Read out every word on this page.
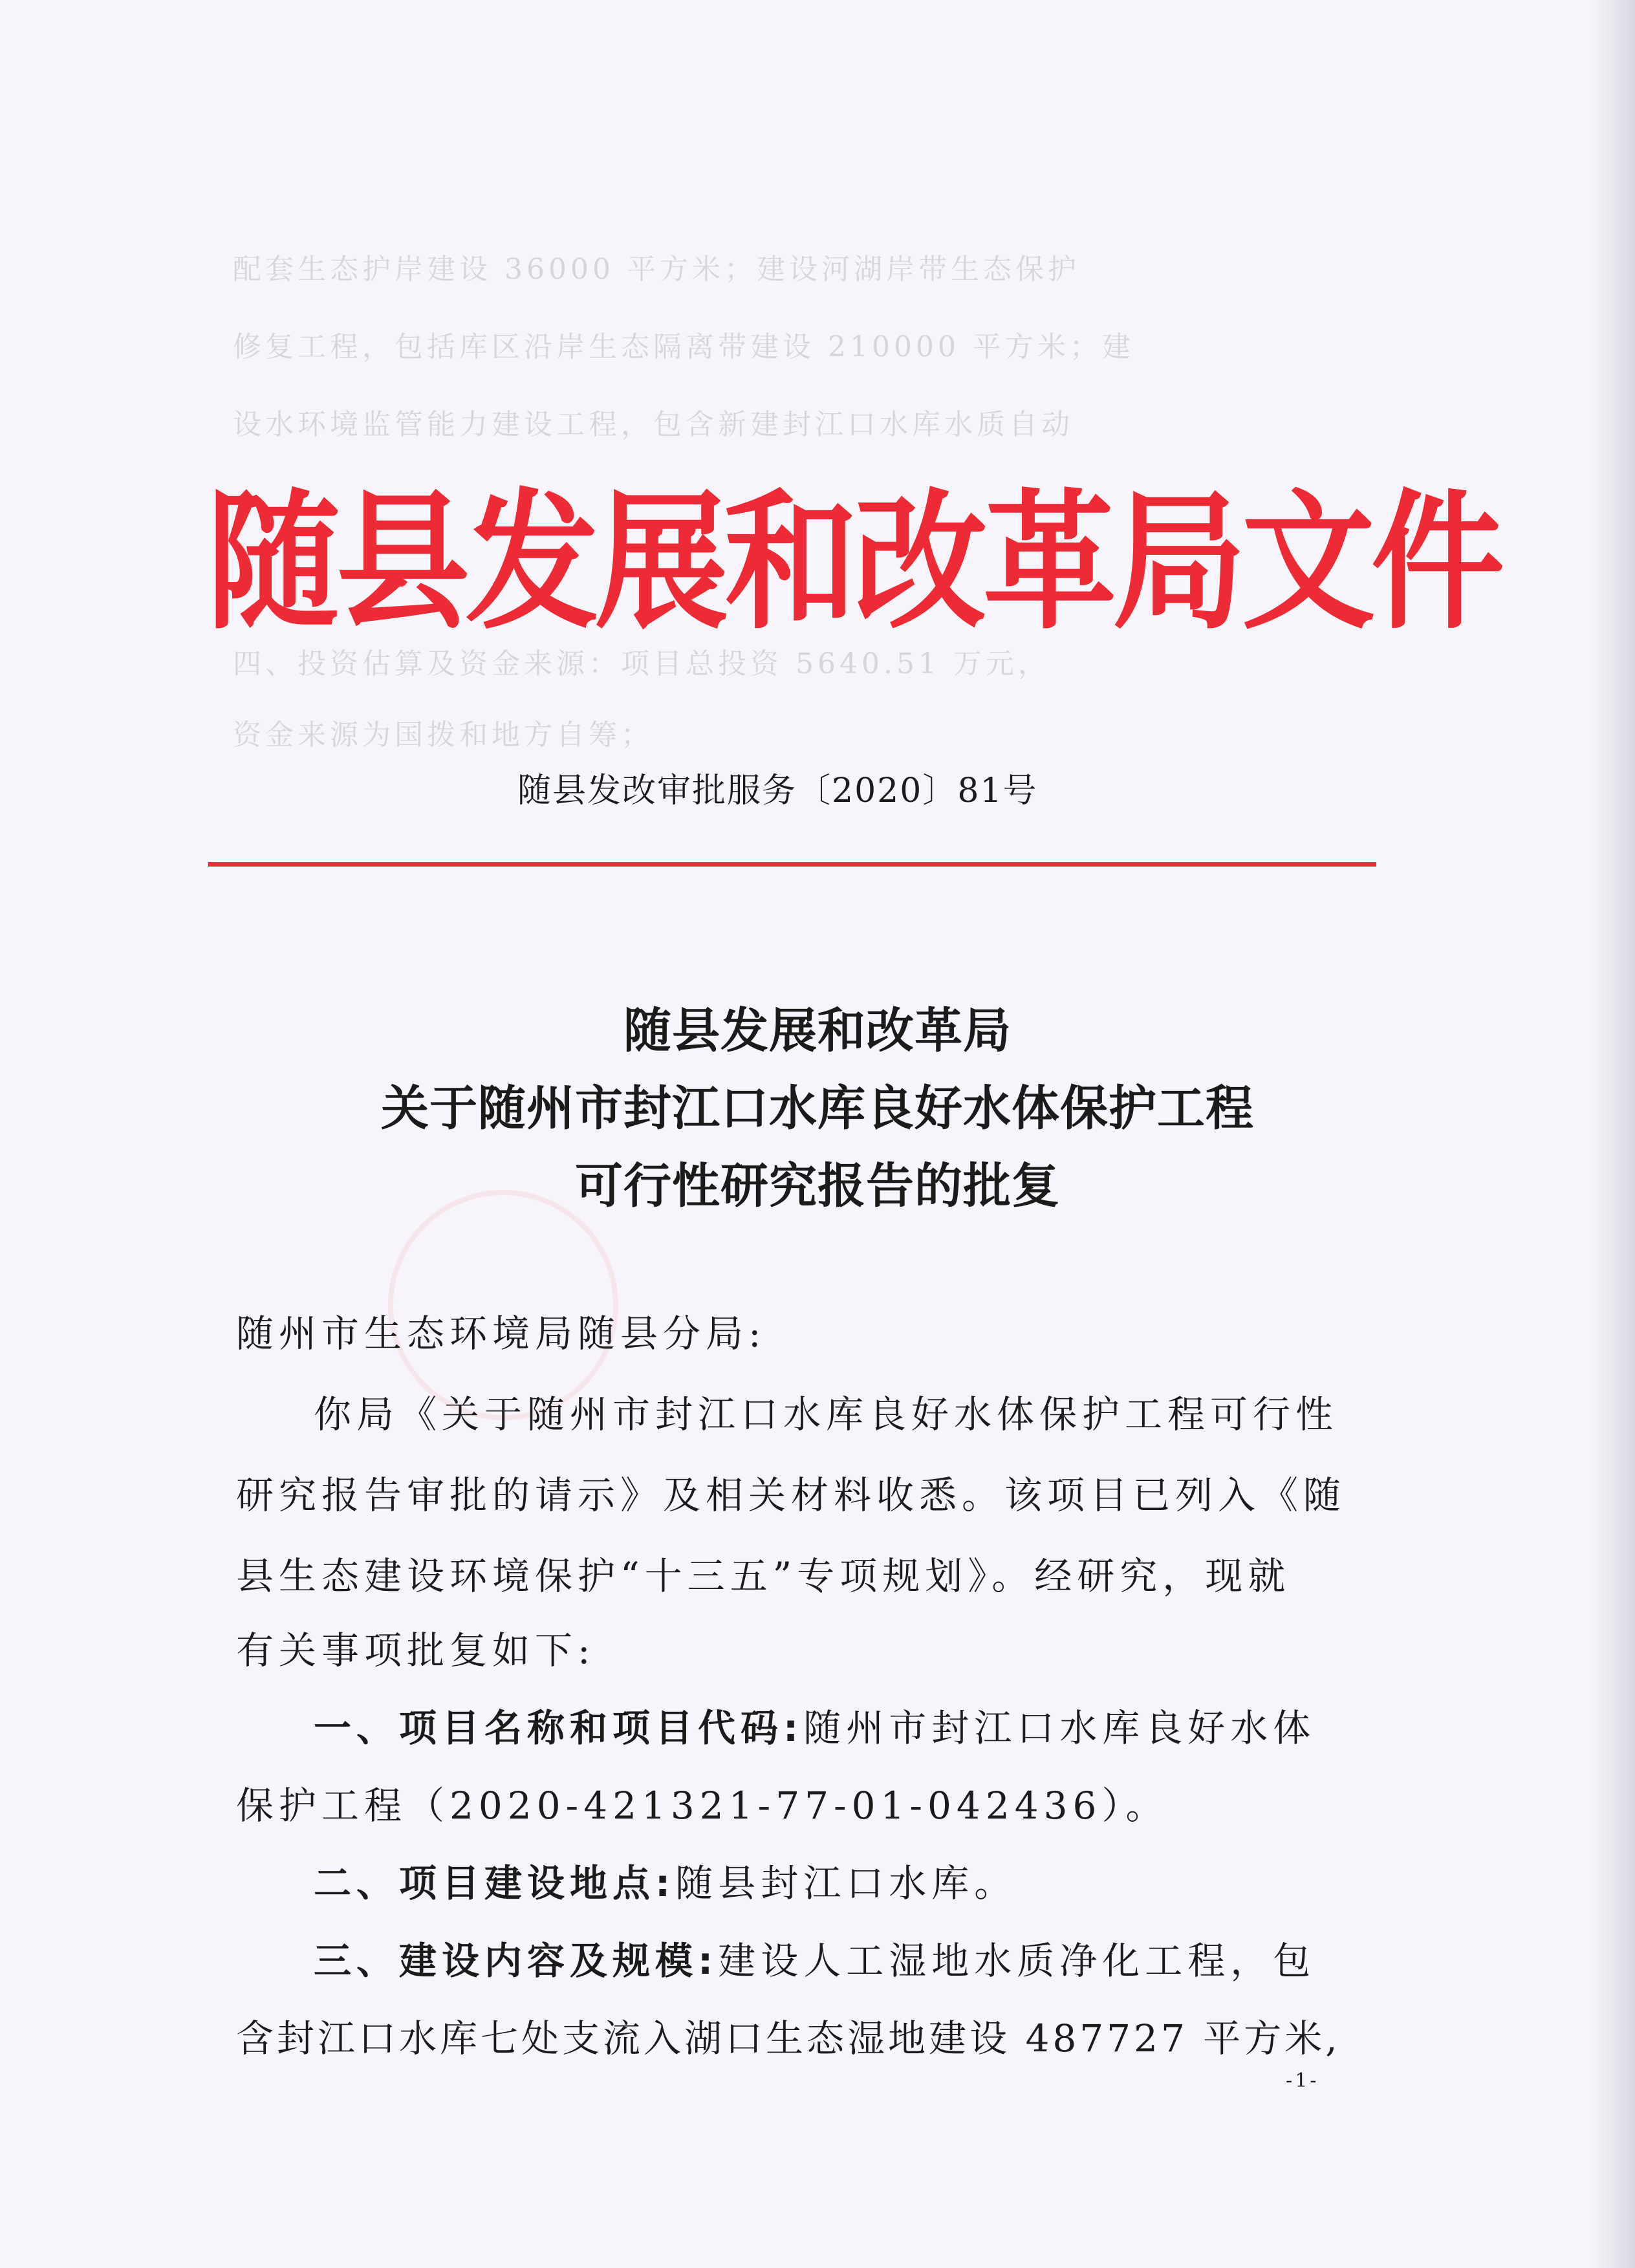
配套生态护岸建设 36000 平方米；建设河湖岸带生态保护
修复工程，包括库区沿岸生态隔离带建设 210000 平方米；建
设水环境监管能力建设工程，包含新建封江口水库水质自动
四、投资估算及资金来源：项目总投资 5640.51 万元，
资金来源为国拨和地方自筹；
随县发展和改革局文件
随县发改审批服务〔2020〕81号
随县发展和改革局
关于随州市封江口水库良好水体保护工程
可行性研究报告的批复
随州市生态环境局随县分局:
你局《关于随州市封江口水库良好水体保护工程可行性
研究报告审批的请示》及相关材料收悉。该项目已列入《随
县生态建设环境保护“十三五”专项规划》。经研究，现就
有关事项批复如下:
一、项目名称和项目代码:随州市封江口水库良好水体
保护工程（2020-421321-77-01-042436）。
二、项目建设地点:随县封江口水库。
三、建设内容及规模:建设人工湿地水质净化工程，包
含封江口水库七处支流入湖口生态湿地建设 487727 平方米,
-1-
